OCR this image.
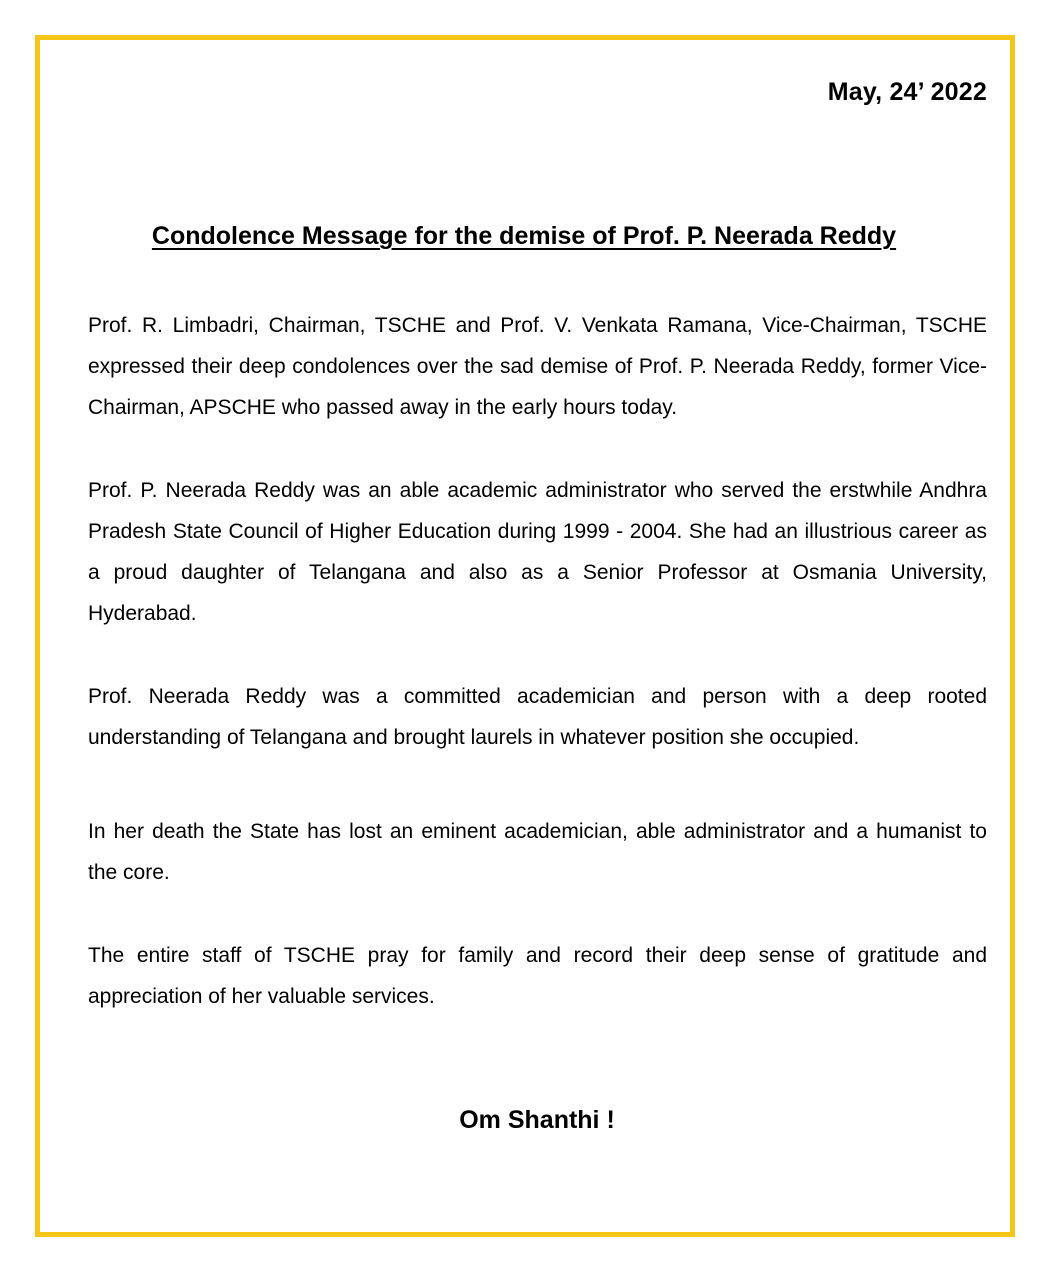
May, 24’ 2022
Condolence Message for the demise of Prof. P. Neerada Reddy

Prof. R. Limbadri, Chairman, TSCHE and Prof. V. Venkata Ramana, Vice-Chairman, TSCHE expressed their deep condolences over the sad demise of Prof. P. Neerada Reddy, former Vice-Chairman, APSCHE who passed away in the early hours today.

Prof. P. Neerada Reddy was an able academic administrator who served the erstwhile Andhra Pradesh State Council of Higher Education during 1999 - 2004. She had an illustrious career as a proud daughter of Telangana and also as a Senior Professor at Osmania University, Hyderabad.

Prof. Neerada Reddy was a committed academician and person with a deep rooted understanding of Telangana and brought laurels in whatever position she occupied.

In her death the State has lost an eminent academician, able administrator and a humanist to the core.

The entire staff of TSCHE pray for family and record their deep sense of gratitude and appreciation of her valuable services.

Om Shanthi !
